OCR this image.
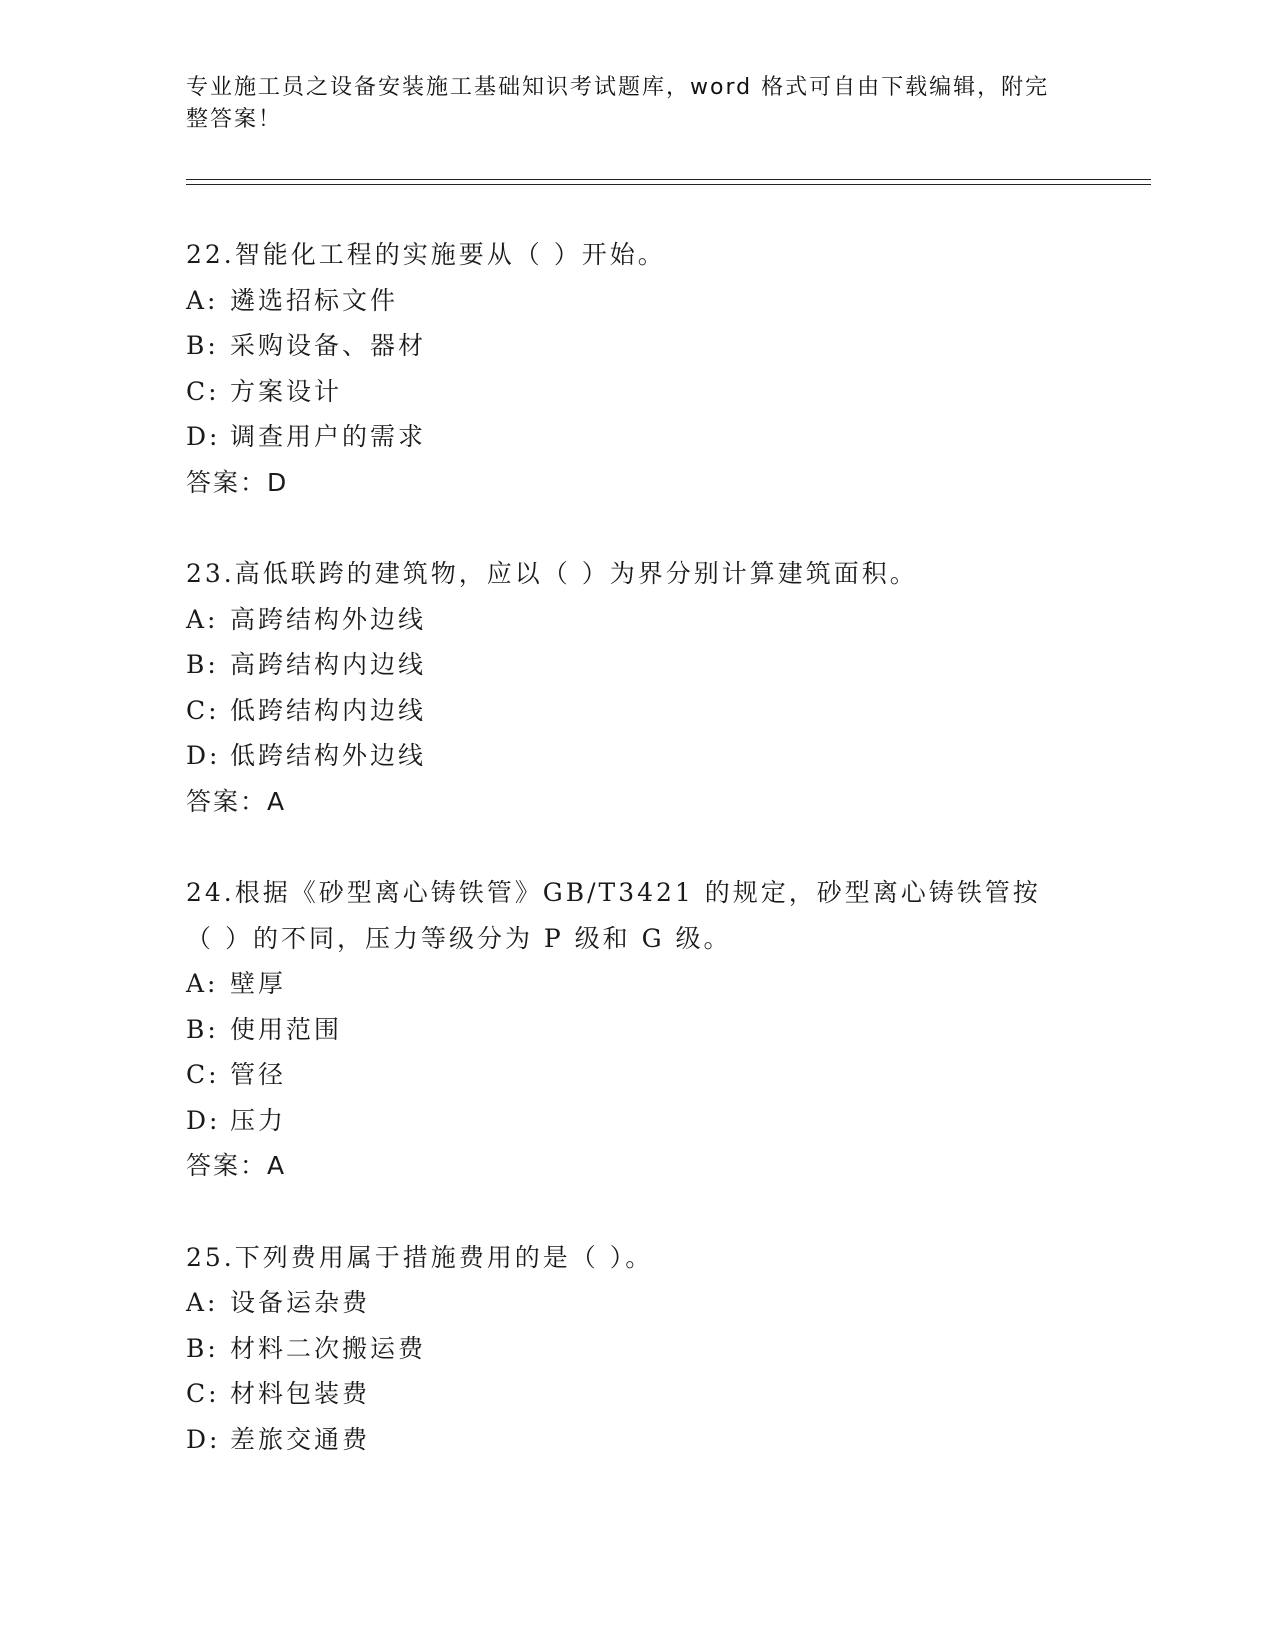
专业施工员之设备安装施工基础知识考试题库，word 格式可自由下载编辑，附完整答案！
22.智能化工程的实施要从（ ）开始。
A: 遴选招标文件
B: 采购设备、器材
C: 方案设计
D: 调查用户的需求
答案：D
23.高低联跨的建筑物，应以（ ）为界分别计算建筑面积。
A: 高跨结构外边线
B: 高跨结构内边线
C: 低跨结构内边线
D: 低跨结构外边线
答案：A
24.根据《砂型离心铸铁管》GB/T3421 的规定，砂型离心铸铁管按（ ）的不同，压力等级分为 P 级和 G 级。
A: 壁厚
B: 使用范围
C: 管径
D: 压力
答案：A
25.下列费用属于措施费用的是（ ）。
A: 设备运杂费
B: 材料二次搬运费
C: 材料包装费
D: 差旅交通费
